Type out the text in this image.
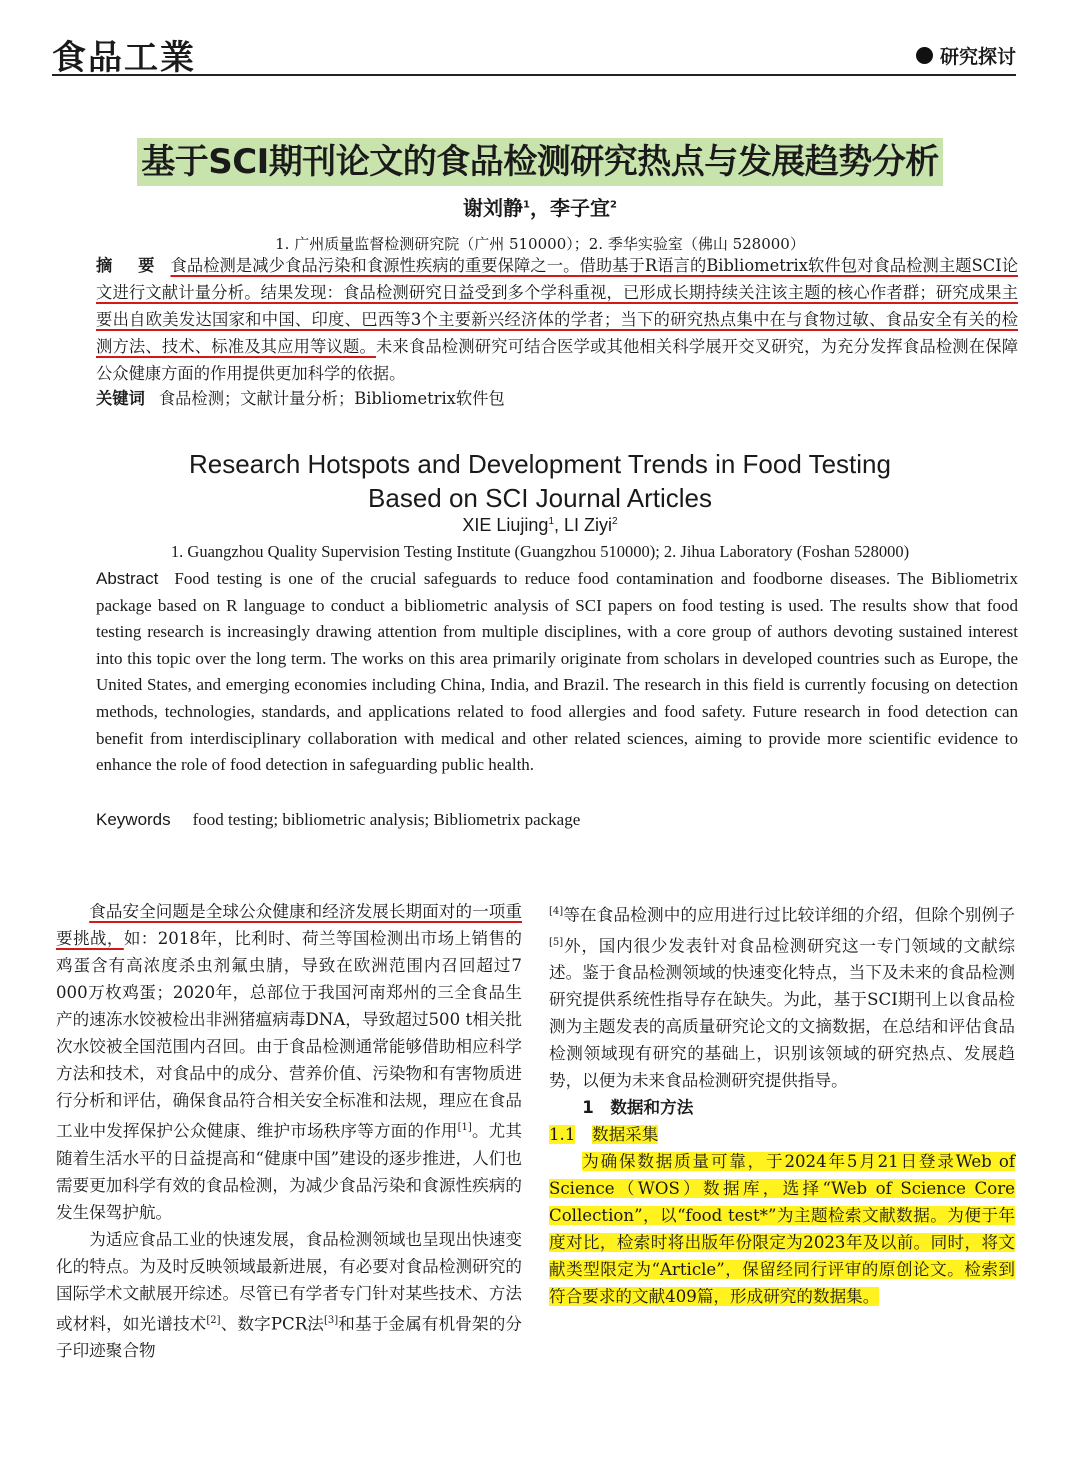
食品工業	研究探讨
基于SCI期刊论文的食品检测研究热点与发展趋势分析
谢刘静$^1$，李子宜$^2$
1. 广州质量监督检测研究院（广州 510000）；2. 季华实验室（佛山 528000）
摘 要 食品检测是减少食品污染和食源性疾病的重要保障之一。借助基于R语言的Bibliometrix软件包对食品检测主题SCI论文进行文献计量分析。结果发现：食品检测研究日益受到多个学科重视，已形成长期持续关注该主题的核心作者群；研究成果主要出自欧美发达国家和中国、印度、巴西等3个主要新兴经济体的学者；当下的研究热点集中在与食物过敏、食品安全有关的检测方法、技术、标准及其应用等议题。未来食品检测研究可结合医学或其他相关科学展开交叉研究，为充分发挥食品检测在保障公众健康方面的作用提供更加科学的依据。
关键词 食品检测；文献计量分析；Bibliometrix软件包
Research Hotspots and Development Trends in Food Testing
Based on SCI Journal Articles
XIE Liujing$^1$, LI Ziyi$^2$
1. Guangzhou Quality Supervision Testing Institute (Guangzhou 510000); 2. Jihua Laboratory (Foshan 528000)
Abstract Food testing is one of the crucial safeguards to reduce food contamination and foodborne diseases. The Bibliometrix package based on R language to conduct a bibliometric analysis of SCI papers on food testing is used. The results show that food testing research is increasingly drawing attention from multiple disciplines, with a core group of authors devoting sustained interest into this topic over the long term. The works on this area primarily originate from scholars in developed countries such as Europe, the United States, and emerging economies including China, India, and Brazil. The research in this field is currently focusing on detection methods, technologies, standards, and applications related to food allergies and food safety. Future research in food detection can benefit from interdisciplinary collaboration with medical and other related sciences, aiming to provide more scientific evidence to enhance the role of food detection in safeguarding public health.
Keywords food testing; bibliometric analysis; Bibliometrix package

食品安全问题是全球公众健康和经济发展长期面对的一项重要挑战，如：2018年，比利时、荷兰等国检测出市场上销售的鸡蛋含有高浓度杀虫剂氟虫腈，导致在欧洲范围内召回超过7 000万枚鸡蛋；2020年，总部位于我国河南郑州的三全食品生产的速冻水饺被检出非洲猪瘟病毒DNA，导致超过500 t相关批次水饺被全国范围内召回。由于食品检测通常能够借助相应科学方法和技术，对食品中的成分、营养价值、污染物和有害物质进行分析和评估，确保食品符合相关安全标准和法规，理应在食品工业中发挥保护公众健康、维护市场秩序等方面的作用[1]。尤其随着生活水平的日益提高和“健康中国”建设的逐步推进，人们也需要更加科学有效的食品检测，为减少食品污染和食源性疾病的发生保驾护航。

为适应食品工业的快速发展，食品检测领域也呈现出快速变化的特点。为及时反映领域最新进展，有必要对食品检测研究的国际学术文献展开综述。尽管已有学者专门针对某些技术、方法或材料，如光谱技术[2]、数字PCR法[3]和基于金属有机骨架的分子印迹聚合物

[4]等在食品检测中的应用进行过比较详细的介绍，但除个别例子[5]外，国内很少发表针对食品检测研究这一专门领域的文献综述。鉴于食品检测领域的快速变化特点，当下及未来的食品检测研究提供系统性指导存在缺失。为此，基于SCI期刊上以食品检测为主题发表的高质量研究论文的文摘数据，在总结和评估食品检测领域现有研究的基础上，识别该领域的研究热点、发展趋势，以便为未来食品检测研究提供指导。

1　数据和方法

1.1　 数据采集

为确保数据质量可靠，于2024年5月21日登录Web of Science（WOS）数据库，选择“Web of Science Core Collection”，以“food test*”为主题检索文献数据。为便于年度对比，检索时将出版年份限定为2023年及以前。同时，将文献类型限定为“Article”，保留经同行评审的原创论文。检索到符合要求的文献409篇，形成研究的数据集。
